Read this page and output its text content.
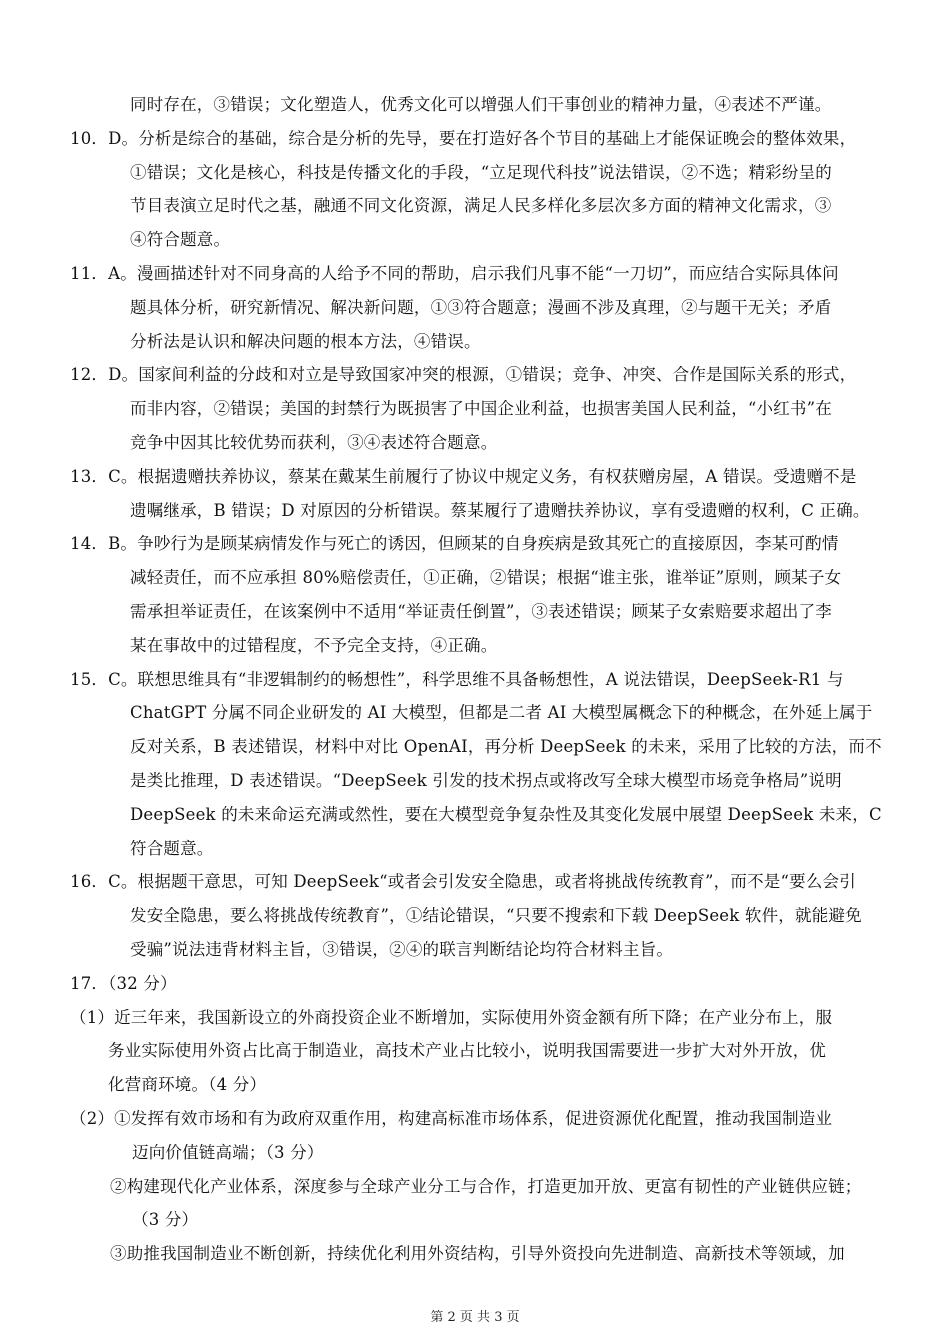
同时存在，③错误；文化塑造人，优秀文化可以增强人们干事创业的精神力量，④表述不严谨。
10．D。分析是综合的基础，综合是分析的先导，要在打造好各个节目的基础上才能保证晚会的整体效果，
①错误；文化是核心，科技是传播文化的手段，“立足现代科技”说法错误，②不选；精彩纷呈的
节目表演立足时代之基，融通不同文化资源，满足人民多样化多层次多方面的精神文化需求，③
④符合题意。
11．A。漫画描述针对不同身高的人给予不同的帮助，启示我们凡事不能“一刀切”，而应结合实际具体问
题具体分析，研究新情况、解决新问题，①③符合题意；漫画不涉及真理，②与题干无关；矛盾
分析法是认识和解决问题的根本方法，④错误。
12．D。国家间利益的分歧和对立是导致国家冲突的根源，①错误；竞争、冲突、合作是国际关系的形式，
而非内容，②错误；美国的封禁行为既损害了中国企业利益，也损害美国人民利益，“小红书”在
竞争中因其比较优势而获利，③④表述符合题意。
13．C。根据遗赠扶养协议，蔡某在戴某生前履行了协议中规定义务，有权获赠房屋，A 错误。受遗赠不是
遗嘱继承，B 错误；D 对原因的分析错误。蔡某履行了遗赠扶养协议，享有受遗赠的权利，C 正确。
14．B。争吵行为是顾某病情发作与死亡的诱因，但顾某的自身疾病是致其死亡的直接原因，李某可酌情
减轻责任，而不应承担 80%赔偿责任，①正确，②错误；根据“谁主张，谁举证”原则，顾某子女
需承担举证责任，在该案例中不适用“举证责任倒置”，③表述错误；顾某子女索赔要求超出了李
某在事故中的过错程度，不予完全支持，④正确。
15．C。联想思维具有“非逻辑制约的畅想性”，科学思维不具备畅想性，A 说法错误，DeepSeek-R1 与
ChatGPT 分属不同企业研发的 AI 大模型，但都是二者 AI 大模型属概念下的种概念，在外延上属于
反对关系，B 表述错误，材料中对比 OpenAI，再分析 DeepSeek 的未来，采用了比较的方法，而不
是类比推理，D 表述错误。“DeepSeek 引发的技术拐点或将改写全球大模型市场竞争格局”说明
DeepSeek 的未来命运充满或然性，要在大模型竞争复杂性及其变化发展中展望 DeepSeek 未来，C
符合题意。
16．C。根据题干意思，可知 DeepSeek“或者会引发安全隐患，或者将挑战传统教育”，而不是“要么会引
发安全隐患，要么将挑战传统教育”，①结论错误，“只要不搜索和下载 DeepSeek 软件，就能避免
受骗”说法违背材料主旨，③错误，②④的联言判断结论均符合材料主旨。
17．（32 分）
（1）近三年来，我国新设立的外商投资企业不断增加，实际使用外资金额有所下降；在产业分布上，服
务业实际使用外资占比高于制造业，高技术产业占比较小，说明我国需要进一步扩大对外开放，优
化营商环境。（4 分）
（2）①发挥有效市场和有为政府双重作用，构建高标准市场体系，促进资源优化配置，推动我国制造业
迈向价值链高端；（3 分）
②构建现代化产业体系，深度参与全球产业分工与合作，打造更加开放、更富有韧性的产业链供应链；
（3 分）
③助推我国制造业不断创新，持续优化利用外资结构，引导外资投向先进制造、高新技术等领域，加
第 2 页 共 3 页
